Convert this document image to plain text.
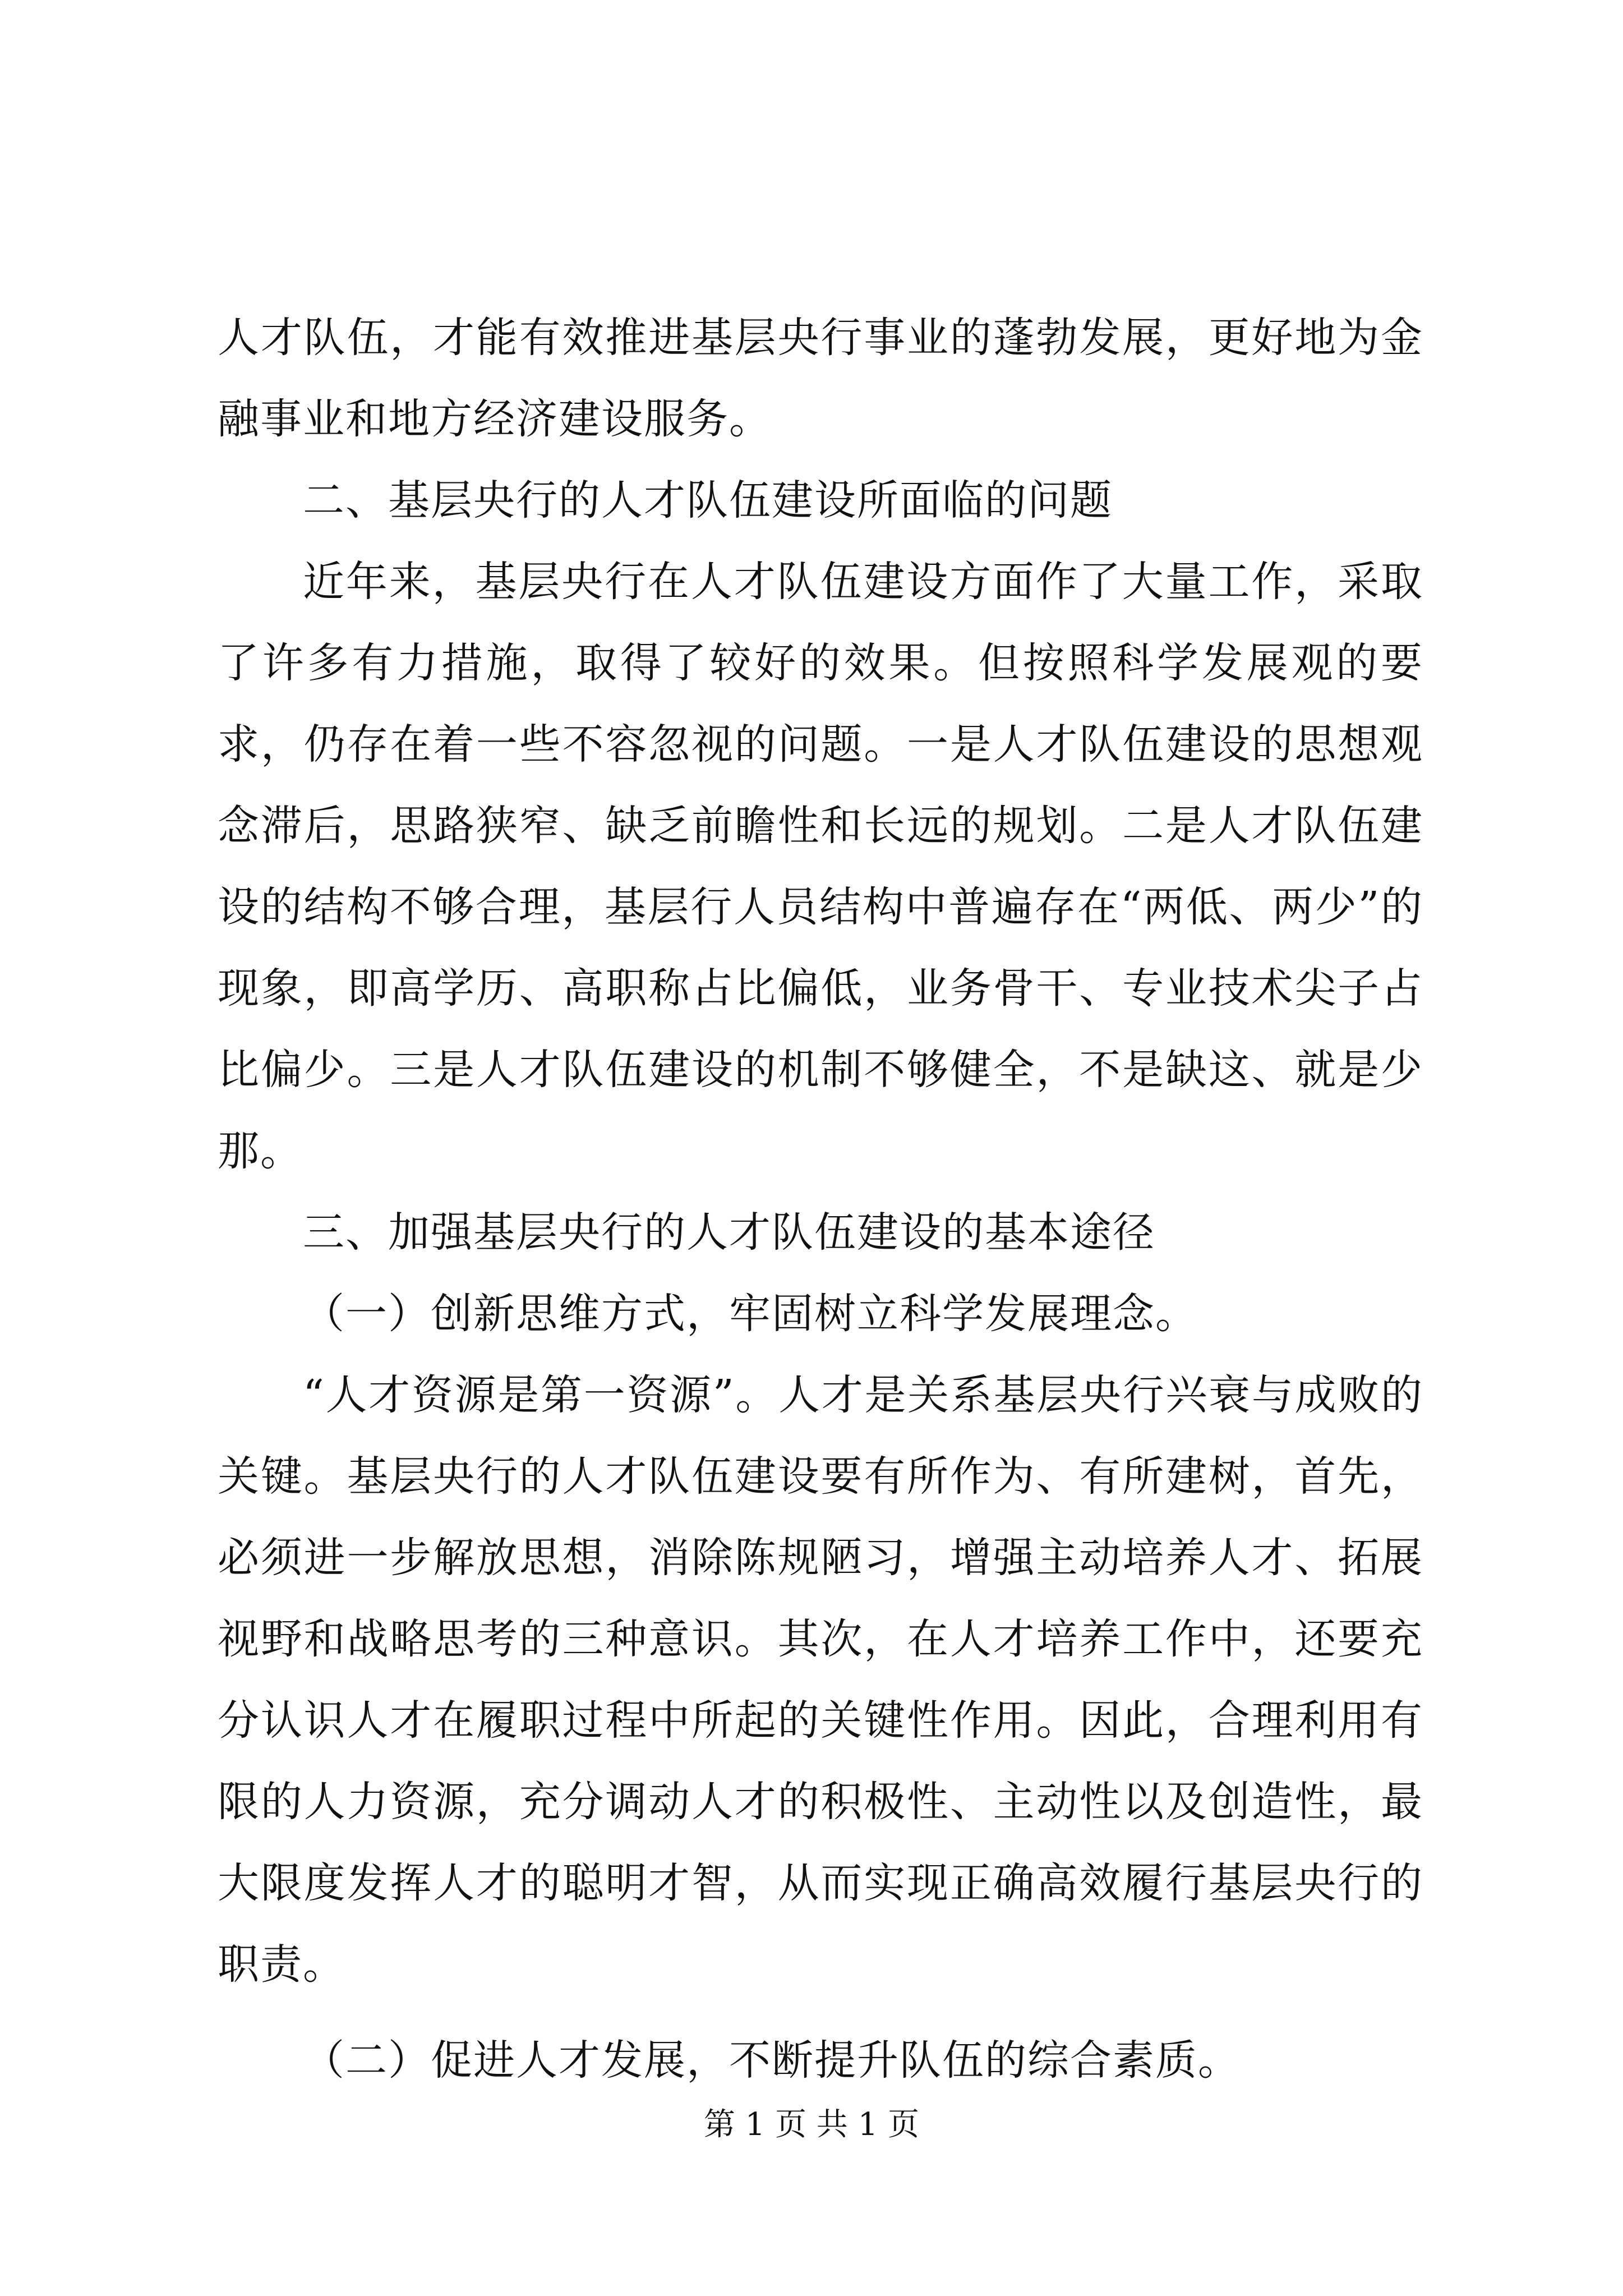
人才队伍，才能有效推进基层央行事业的蓬勃发展，更好地为金融事业和地方经济建设服务。

二、基层央行的人才队伍建设所面临的问题

近年来，基层央行在人才队伍建设方面作了大量工作，采取了许多有力措施，取得了较好的效果。但按照科学发展观的要求，仍存在着一些不容忽视的问题。一是人才队伍建设的思想观念滞后，思路狭窄、缺乏前瞻性和长远的规划。二是人才队伍建设的结构不够合理，基层行人员结构中普遍存在“两低、两少”的现象，即高学历、高职称占比偏低，业务骨干、专业技术尖子占比偏少。三是人才队伍建设的机制不够健全，不是缺这、就是少那。

三、加强基层央行的人才队伍建设的基本途径

（一）创新思维方式，牢固树立科学发展理念。

“人才资源是第一资源”。人才是关系基层央行兴衰与成败的关键。基层央行的人才队伍建设要有所作为、有所建树，首先，必须进一步解放思想，消除陈规陋习，增强主动培养人才、拓展视野和战略思考的三种意识。其次，在人才培养工作中，还要充分认识人才在履职过程中所起的关键性作用。因此，合理利用有限的人力资源，充分调动人才的积极性、主动性以及创造性，最大限度发挥人才的聪明才智，从而实现正确高效履行基层央行的职责。

（二）促进人才发展，不断提升队伍的综合素质。

第 1 页 共 1 页
